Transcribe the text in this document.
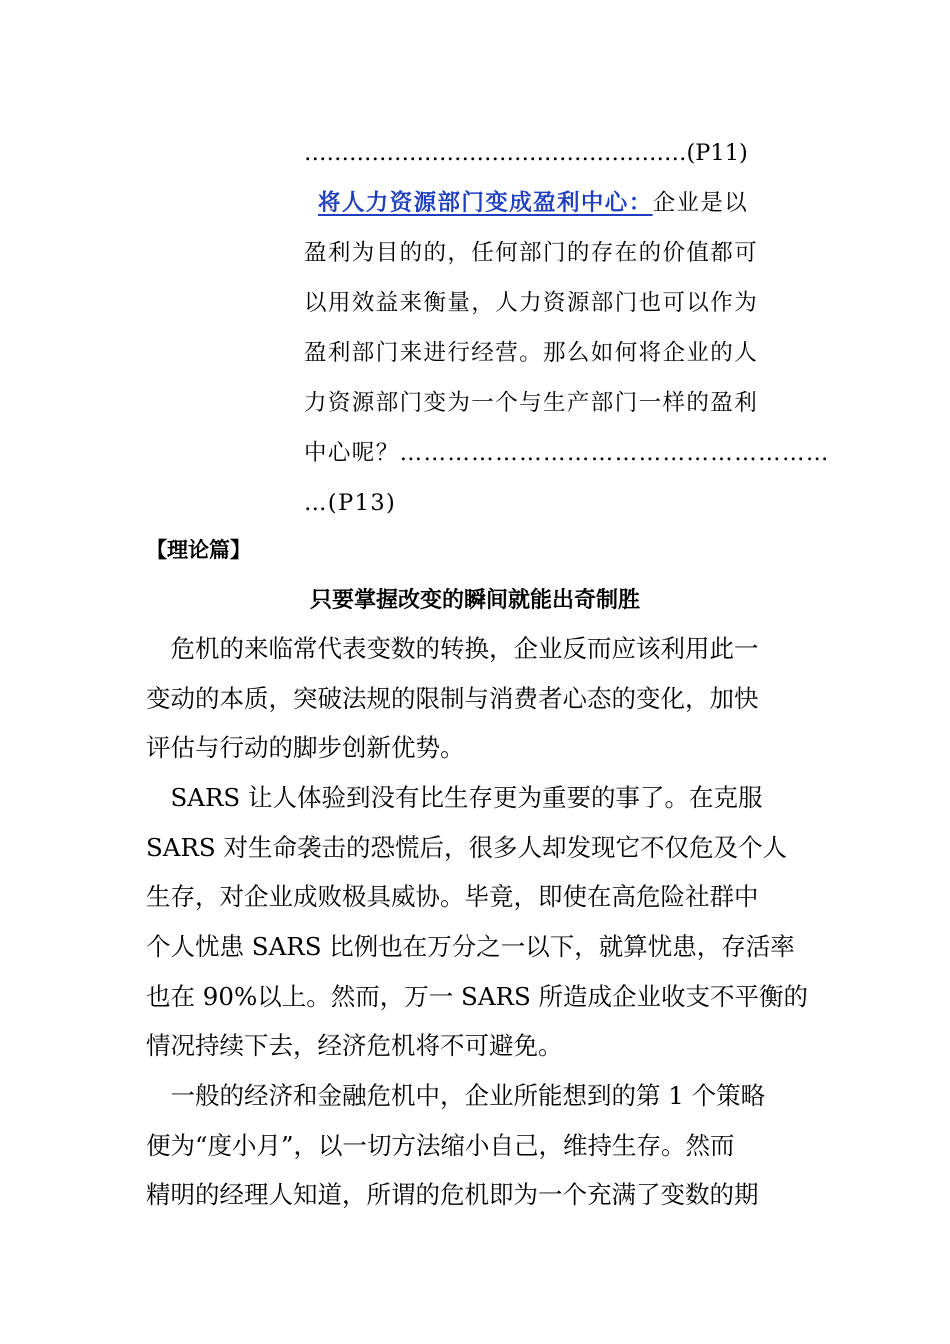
……………………………………………(P11)
将人力资源部门变成盈利中心：企业是以
盈利为目的的，任何部门的存在的价值都可
以用效益来衡量，人力资源部门也可以作为
盈利部门来进行经营。那么如何将企业的人
力资源部门变为一个与生产部门一样的盈利
中心呢？………………………………………………
…(P13)
【理论篇】
只要掌握改变的瞬间就能出奇制胜
　危机的来临常代表变数的转换，企业反而应该利用此一
变动的本质，突破法规的限制与消费者心态的变化，加快
评估与行动的脚步创新优势。
　SARS 让人体验到没有比生存更为重要的事了。在克服
SARS 对生命袭击的恐慌后，很多人却发现它不仅危及个人
生存，对企业成败极具威协。毕竟，即使在高危险社群中
个人忧患 SARS 比例也在万分之一以下，就算忧患，存活率
也在 90%以上。然而，万一 SARS 所造成企业收支不平衡的
情况持续下去，经济危机将不可避免。
　一般的经济和金融危机中，企业所能想到的第 1 个策略
便为“度小月”，以一切方法缩小自己，维持生存。然而
精明的经理人知道，所谓的危机即为一个充满了变数的期
